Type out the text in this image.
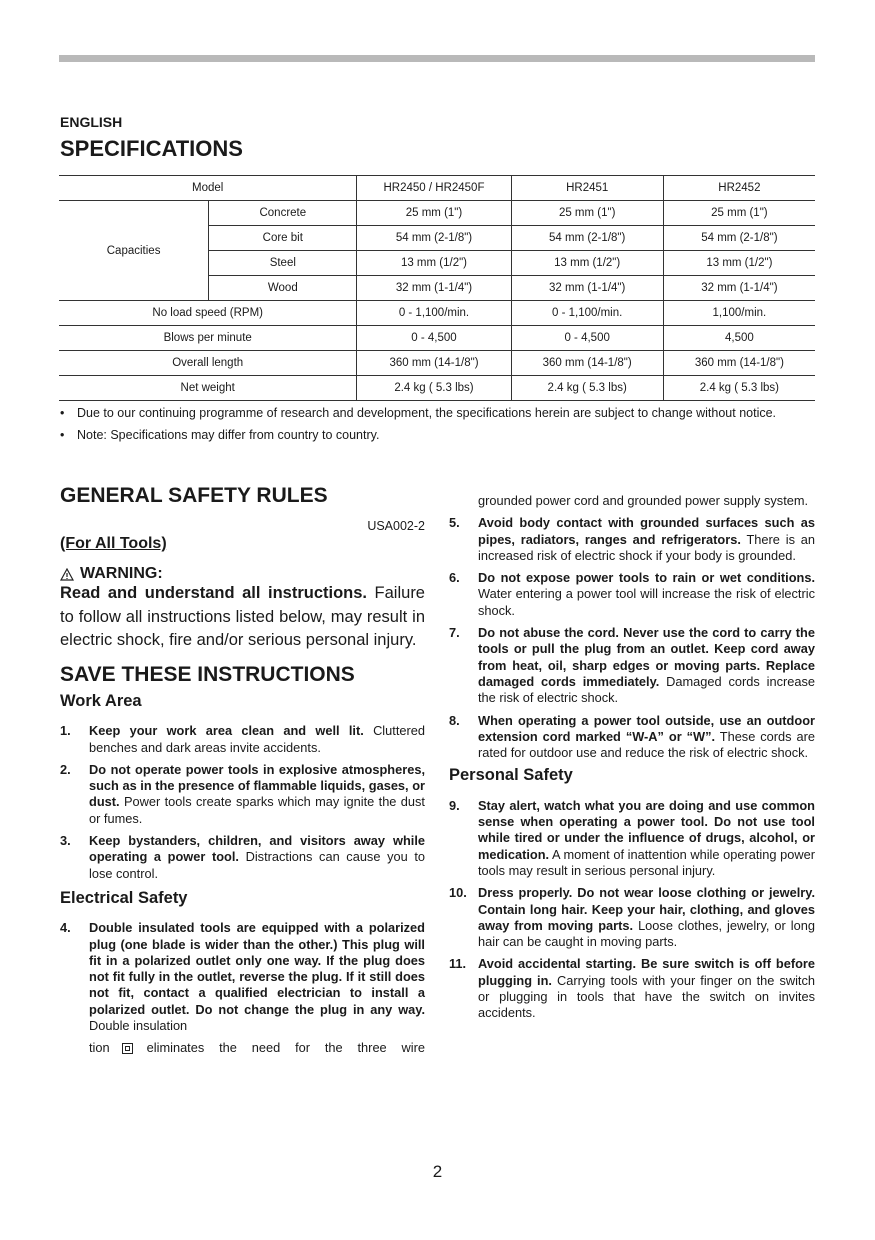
ENGLISH
SPECIFICATIONS
Model		HR2450 / HR2450F	HR2451	HR2452
Capacities	Concrete	25 mm (1")	25 mm (1")	25 mm (1")
	Core bit	54 mm (2-1/8")	54 mm (2-1/8")	54 mm (2-1/8")
	Steel	13 mm (1/2")	13 mm (1/2")	13 mm (1/2")
	Wood	32 mm (1-1/4")	32 mm (1-1/4")	32 mm (1-1/4")
No load speed (RPM)		0 - 1,100/min.	0 - 1,100/min.	1,100/min.
Blows per minute		0 - 4,500	0 - 4,500	4,500
Overall length		360 mm (14-1/8")	360 mm (14-1/8")	360 mm (14-1/8")
Net weight		2.4 kg ( 5.3 lbs)	2.4 kg ( 5.3 lbs)	2.4 kg ( 5.3 lbs)
•	Due to our continuing programme of research and development, the specifications herein are subject to change without notice.
•	Note: Specifications may differ from country to country.
GENERAL SAFETY RULES
USA002-2
(For All Tools)
WARNING:
Read and understand all instructions. Failure to follow all instructions listed below, may result in electric shock, fire and/or serious personal injury.
SAVE THESE INSTRUCTIONS
Work Area
1.	Keep your work area clean and well lit. Cluttered benches and dark areas invite accidents.
2.	Do not operate power tools in explosive atmospheres, such as in the presence of flammable liquids, gases, or dust. Power tools create sparks which may ignite the dust or fumes.
3.	Keep bystanders, children, and visitors away while operating a power tool. Distractions can cause you to lose control.
Electrical Safety
4.	Double insulated tools are equipped with a polarized plug (one blade is wider than the other.) This plug will fit in a polarized outlet only one way. If the plug does not fit fully in the outlet, reverse the plug. If it still does not fit, contact a qualified electrician to install a polarized outlet. Do not change the plug in any way. Double insulation
tion	eliminates the need for the three wire
grounded power cord and grounded power supply system.
5.	Avoid body contact with grounded surfaces such as pipes, radiators, ranges and refrigerators. There is an increased risk of electric shock if your body is grounded.
6.	Do not expose power tools to rain or wet conditions. Water entering a power tool will increase the risk of electric shock.
7.	Do not abuse the cord. Never use the cord to carry the tools or pull the plug from an outlet. Keep cord away from heat, oil, sharp edges or moving parts. Replace damaged cords immediately. Damaged cords increase the risk of electric shock.
8.	When operating a power tool outside, use an outdoor extension cord marked “W-A” or “W”. These cords are rated for outdoor use and reduce the risk of electric shock.
Personal Safety
9.	Stay alert, watch what you are doing and use common sense when operating a power tool. Do not use tool while tired or under the influence of drugs, alcohol, or medication. A moment of inattention while operating power tools may result in serious personal injury.
10. Dress properly. Do not wear loose clothing or jewelry. Contain long hair. Keep your hair, clothing, and gloves away from moving parts. Loose clothes, jewelry, or long hair can be caught in moving parts.
11. Avoid accidental starting. Be sure switch is off before plugging in. Carrying tools with your finger on the switch or plugging in tools that have the switch on invites accidents.
2
